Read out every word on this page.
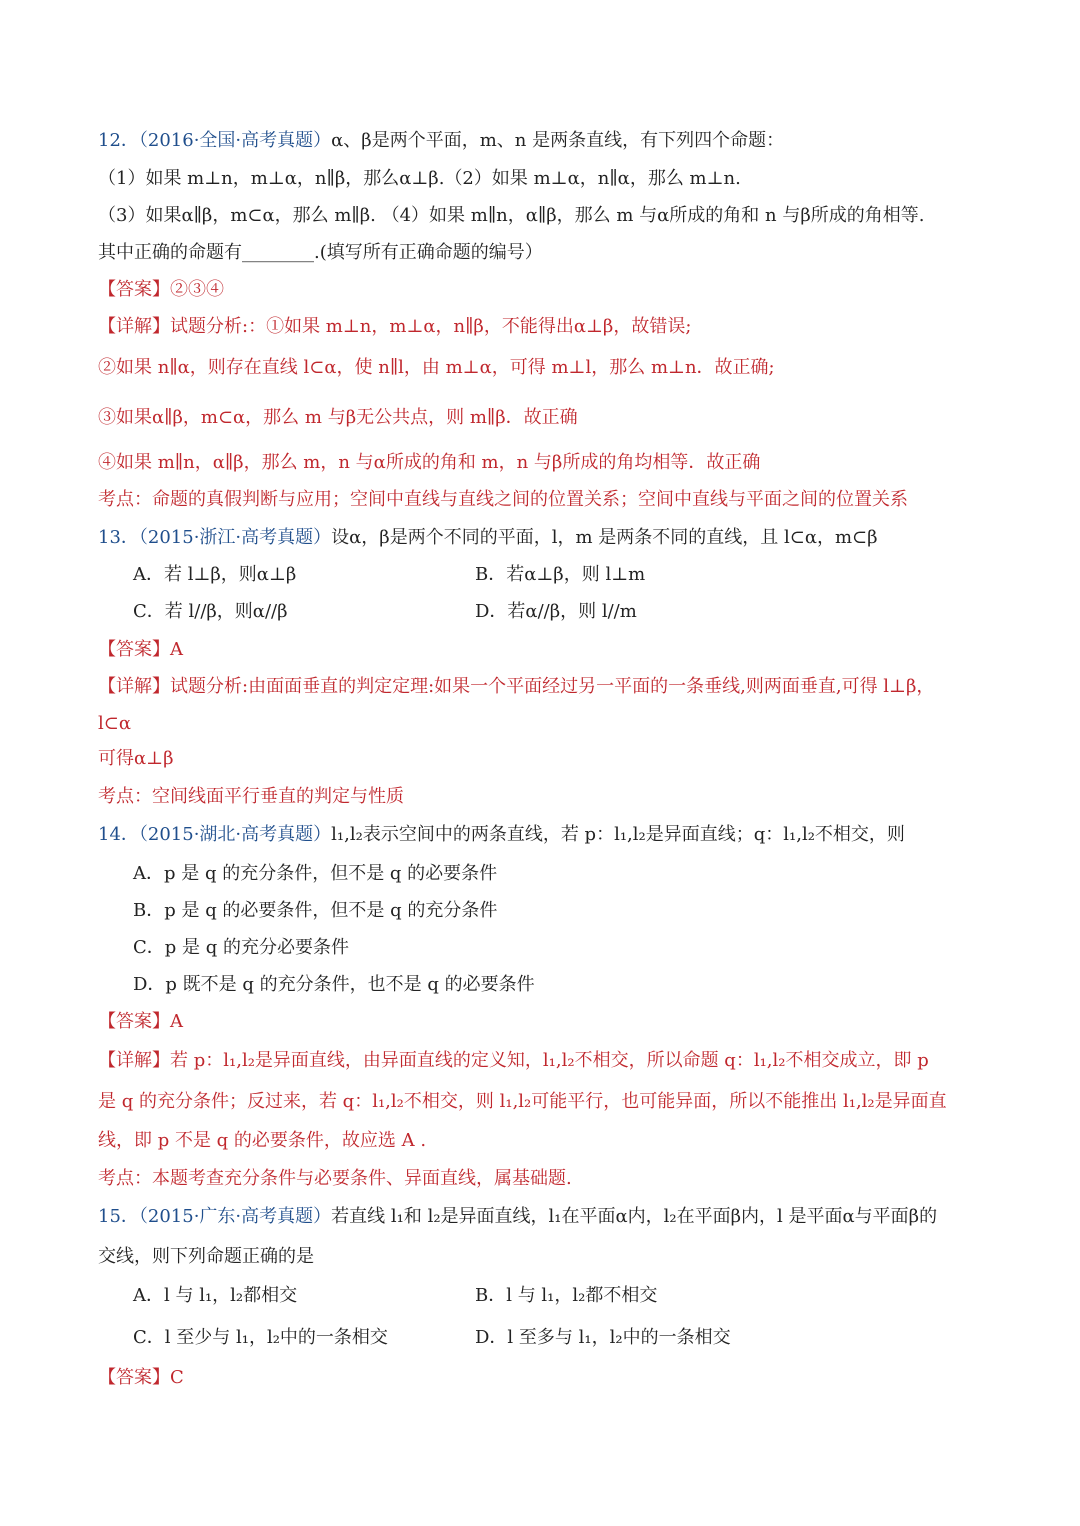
12．（2016·全国·高考真题）α、β是两个平面，m、n 是两条直线，有下列四个命题：
（1）如果 m⊥n，m⊥α，n∥β，那么α⊥β.（2）如果 m⊥α，n∥α，那么 m⊥n.
（3）如果α∥β，m⊂α，那么 m∥β. （4）如果 m∥n，α∥β，那么 m 与α所成的角和 n 与β所成的角相等.
其中正确的命题有________.(填写所有正确命题的编号）
【答案】②③④
【详解】试题分析:：①如果 m⊥n，m⊥α，n∥β，不能得出α⊥β，故错误;
②如果 n∥α，则存在直线 l⊂α，使 n∥l，由 m⊥α，可得 m⊥l，那么 m⊥n．故正确;
③如果α∥β，m⊂α，那么 m 与β无公共点，则 m∥β．故正确
④如果 m∥n，α∥β，那么 m，n 与α所成的角和 m，n 与β所成的角均相等．故正确
考点：命题的真假判断与应用；空间中直线与直线之间的位置关系；空间中直线与平面之间的位置关系
13．（2015·浙江·高考真题）设α，β是两个不同的平面，l，m 是两条不同的直线，且 l⊂α，m⊂β
A．若 l⊥β，则α⊥β	B．若α⊥β，则 l⊥m
C．若 l//β，则α//β	D．若α//β，则 l//m
【答案】A
【详解】试题分析:由面面垂直的判定定理:如果一个平面经过另一平面的一条垂线,则两面垂直,可得 l⊥β，
l⊂α
可得α⊥β
考点：空间线面平行垂直的判定与性质
14．（2015·湖北·高考真题）l₁,l₂表示空间中的两条直线，若 p：l₁,l₂是异面直线；q：l₁,l₂不相交，则
A．p 是 q 的充分条件，但不是 q 的必要条件
B．p 是 q 的必要条件，但不是 q 的充分条件
C．p 是 q 的充分必要条件
D．p 既不是 q 的充分条件，也不是 q 的必要条件
【答案】A
【详解】若 p：l₁,l₂是异面直线，由异面直线的定义知，l₁,l₂不相交，所以命题 q：l₁,l₂不相交成立，即 p
是 q 的充分条件；反过来，若 q：l₁,l₂不相交，则 l₁,l₂可能平行，也可能异面，所以不能推出 l₁,l₂是异面直
线，即 p 不是 q 的必要条件，故应选 A .
考点：本题考查充分条件与必要条件、异面直线，属基础题.
15．（2015·广东·高考真题）若直线 l₁和 l₂是异面直线，l₁在平面α内，l₂在平面β内，l 是平面α与平面β的
交线，则下列命题正确的是
A．l 与 l₁，l₂都相交	B．l 与 l₁，l₂都不相交
C．l 至少与 l₁，l₂中的一条相交	D．l 至多与 l₁，l₂中的一条相交
【答案】C
